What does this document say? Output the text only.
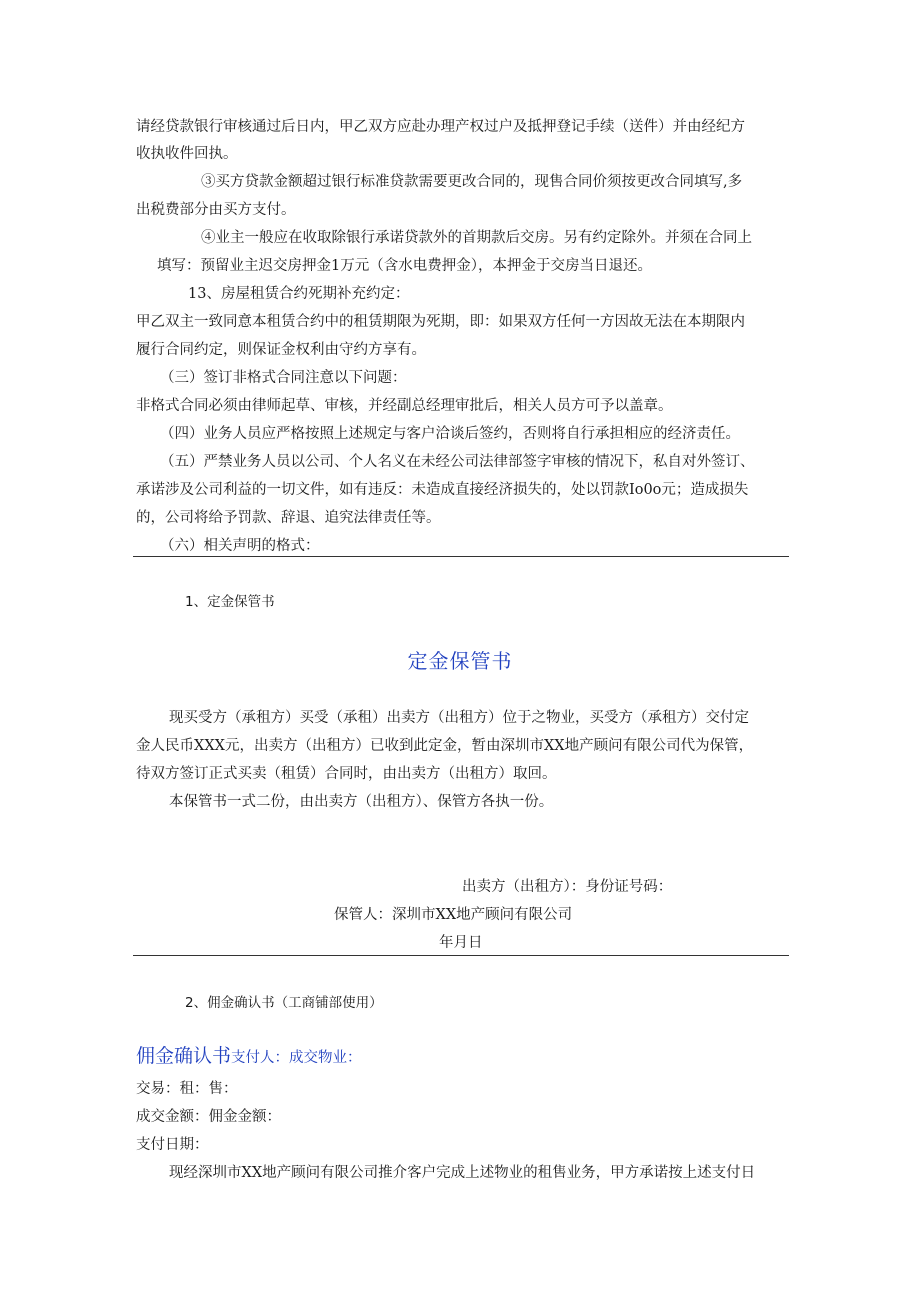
请经贷款银行审核通过后日内，甲乙双方应赴办理产权过户及抵押登记手续（送件）并由经纪方
收执收件回执。
③买方贷款金额超过银行标准贷款需要更改合同的，现售合同价须按更改合同填写,多
出税费部分由买方支付。
④业主一般应在收取除银行承诺贷款外的首期款后交房。另有约定除外。并须在合同上
填写：预留业主迟交房押金1万元（含水电费押金），本押金于交房当日退还。
13、房屋租赁合约死期补充约定：
甲乙双主一致同意本租赁合约中的租赁期限为死期，即：如果双方任何一方因故无法在本期限内
履行合同约定，则保证金权利由守约方享有。
（三）签订非格式合同注意以下问题：
非格式合同必须由律师起草、审核，并经副总经理审批后，相关人员方可予以盖章。
（四）业务人员应严格按照上述规定与客户洽谈后签约，否则将自行承担相应的经济责任。
（五）严禁业务人员以公司、个人名义在未经公司法律部签字审核的情况下，私自对外签订、
承诺涉及公司利益的一切文件，如有违反：未造成直接经济损失的，处以罚款Io0o元；造成损失
的，公司将给予罚款、辞退、追究法律责任等。
（六）相关声明的格式：
1、定金保管书
定金保管书
现买受方（承租方）买受（承租）出卖方（出租方）位于之物业，买受方（承租方）交付定
金人民币XXX元，出卖方（出租方）已收到此定金，暂由深圳市XX地产顾问有限公司代为保管，
待双方签订正式买卖（租赁）合同时，由出卖方（出租方）取回。
本保管书一式二份，由出卖方（出租方）、保管方各执一份。
出卖方（出租方）：身份证号码：
保管人：深圳市XX地产顾问有限公司
年月日
2、佣金确认书（工商铺部使用）
佣金确认书支付人：成交物业：
交易：租：售：
成交金额：佣金金额：
支付日期：
现经深圳市XX地产顾问有限公司推介客户完成上述物业的租售业务，甲方承诺按上述支付日
